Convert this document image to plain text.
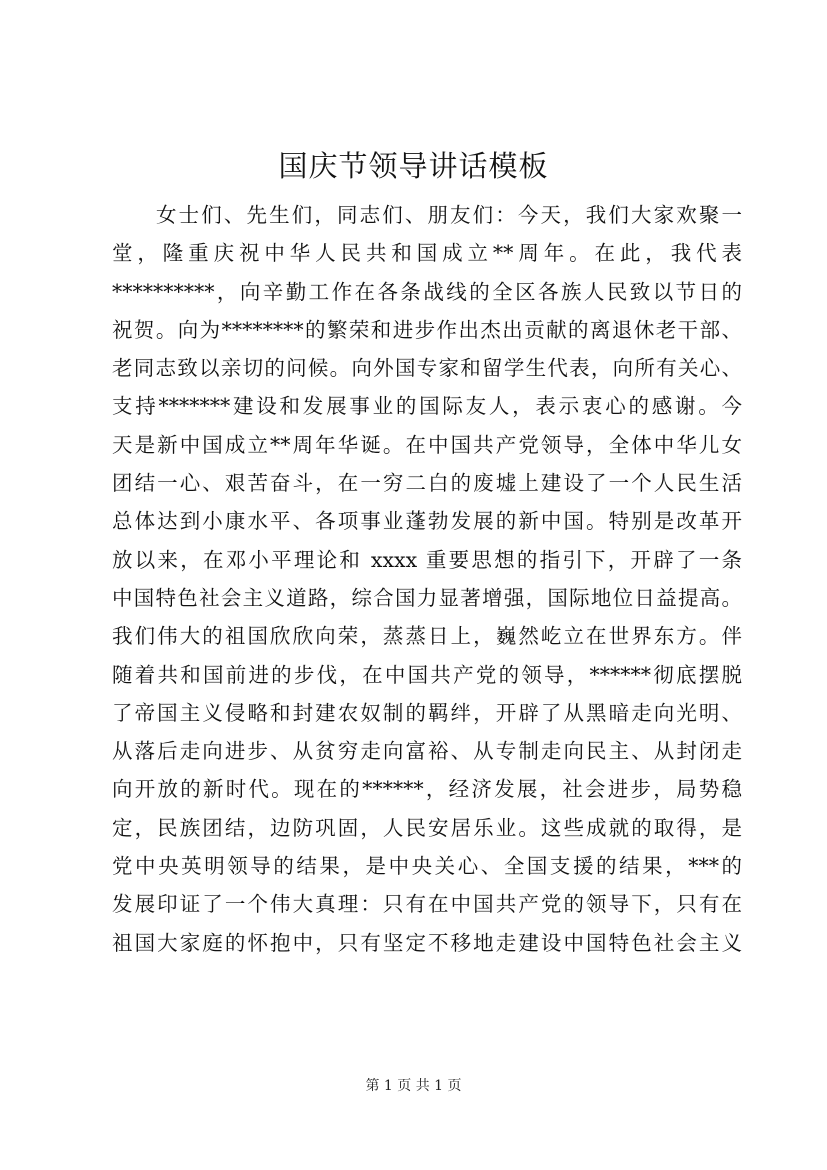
国庆节领导讲话模板
女士们、先生们，同志们、朋友们：今天，我们大家欢聚一
堂，隆重庆祝中华人民共和国成立**周年。在此，我代表
**********，向辛勤工作在各条战线的全区各族人民致以节日的
祝贺。向为********的繁荣和进步作出杰出贡献的离退休老干部、
老同志致以亲切的问候。向外国专家和留学生代表，向所有关心、
支持*******建设和发展事业的国际友人，表示衷心的感谢。今
天是新中国成立**周年华诞。在中国共产党领导，全体中华儿女
团结一心、艰苦奋斗，在一穷二白的废墟上建设了一个人民生活
总体达到小康水平、各项事业蓬勃发展的新中国。特别是改革开
放以来，在邓小平理论和 xxxx 重要思想的指引下，开辟了一条
中国特色社会主义道路，综合国力显著增强，国际地位日益提高。
我们伟大的祖国欣欣向荣，蒸蒸日上，巍然屹立在世界东方。伴
随着共和国前进的步伐，在中国共产党的领导，******彻底摆脱
了帝国主义侵略和封建农奴制的羁绊，开辟了从黑暗走向光明、
从落后走向进步、从贫穷走向富裕、从专制走向民主、从封闭走
向开放的新时代。现在的******，经济发展，社会进步，局势稳
定，民族团结，边防巩固，人民安居乐业。这些成就的取得，是
党中央英明领导的结果，是中央关心、全国支援的结果，***的
发展印证了一个伟大真理：只有在中国共产党的领导下，只有在
祖国大家庭的怀抱中，只有坚定不移地走建设中国特色社会主义
第 1 页 共 1 页
